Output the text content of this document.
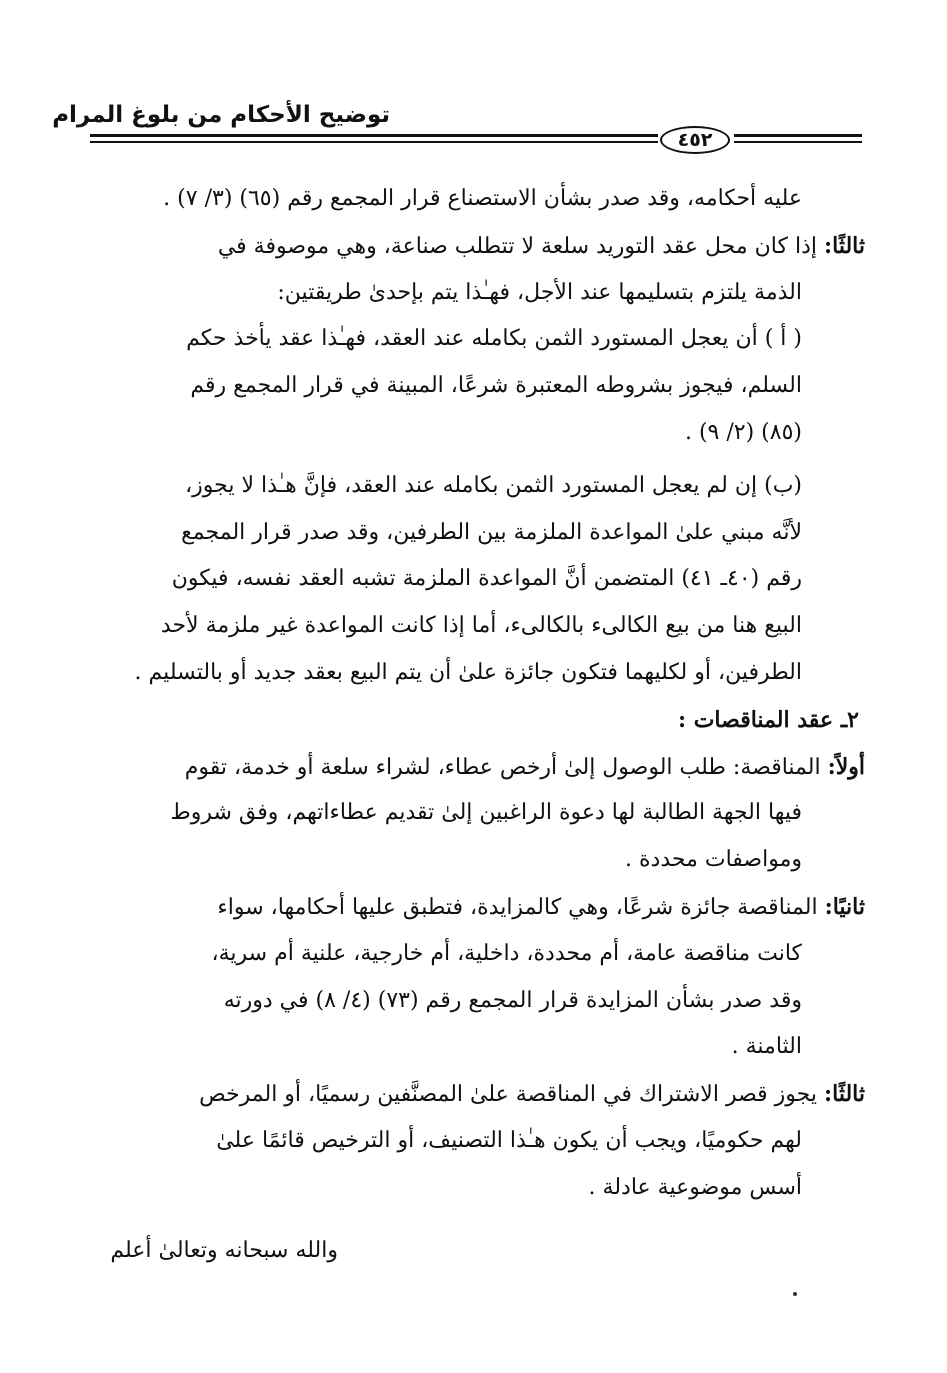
توضيح الأحكام من بلوغ المرام
٤٥٢
عليه أحكامه، وقد صدر بشأن الاستصناع قرار المجمع رقم (٦٥) (٣/ ٧) .
ثالثًا: إذا كان محل عقد التوريد سلعة لا تتطلب صناعة، وهي موصوفة في
الذمة يلتزم بتسليمها عند الأجل، فهـٰذا يتم بإحدىٰ طريقتين:
( أ ) أن يعجل المستورد الثمن بكامله عند العقد، فهـٰذا عقد يأخذ حكم
السلم، فيجوز بشروطه المعتبرة شرعًا، المبينة في قرار المجمع رقم
(٨٥) (٢/ ٩) .
(ب) إن لم يعجل المستورد الثمن بكامله عند العقد، فإنَّ هـٰذا لا يجوز،
لأنَّه مبني علىٰ المواعدة الملزمة بين الطرفين، وقد صدر قرار المجمع
رقم (٤٠ـ ٤١) المتضمن أنَّ المواعدة الملزمة تشبه العقد نفسه، فيكون
البيع هنا من بيع الكالىء بالكالىء، أما إذا كانت المواعدة غير ملزمة لأحد
الطرفين، أو لكليهما فتكون جائزة علىٰ أن يتم البيع بعقد جديد أو بالتسليم .
٢ـ عقد المناقصات :
أولاً: المناقصة: طلب الوصول إلىٰ أرخص عطاء، لشراء سلعة أو خدمة، تقوم
فيها الجهة الطالبة لها دعوة الراغبين إلىٰ تقديم عطاءاتهم، وفق شروط
ومواصفات محددة .
ثانيًا: المناقصة جائزة شرعًا، وهي كالمزايدة، فتطبق عليها أحكامها، سواء
كانت مناقصة عامة، أم محددة، داخلية، أم خارجية، علنية أم سرية،
وقد صدر بشأن المزايدة قرار المجمع رقم (٧٣) (٤/ ٨) في دورته
الثامنة .
ثالثًا: يجوز قصر الاشتراك في المناقصة علىٰ المصنَّفين رسميًا، أو المرخص
لهم حكوميًا، ويجب أن يكون هـٰذا التصنيف، أو الترخيص قائمًا علىٰ
أسس موضوعية عادلة .
والله سبحانه وتعالىٰ أعلم
